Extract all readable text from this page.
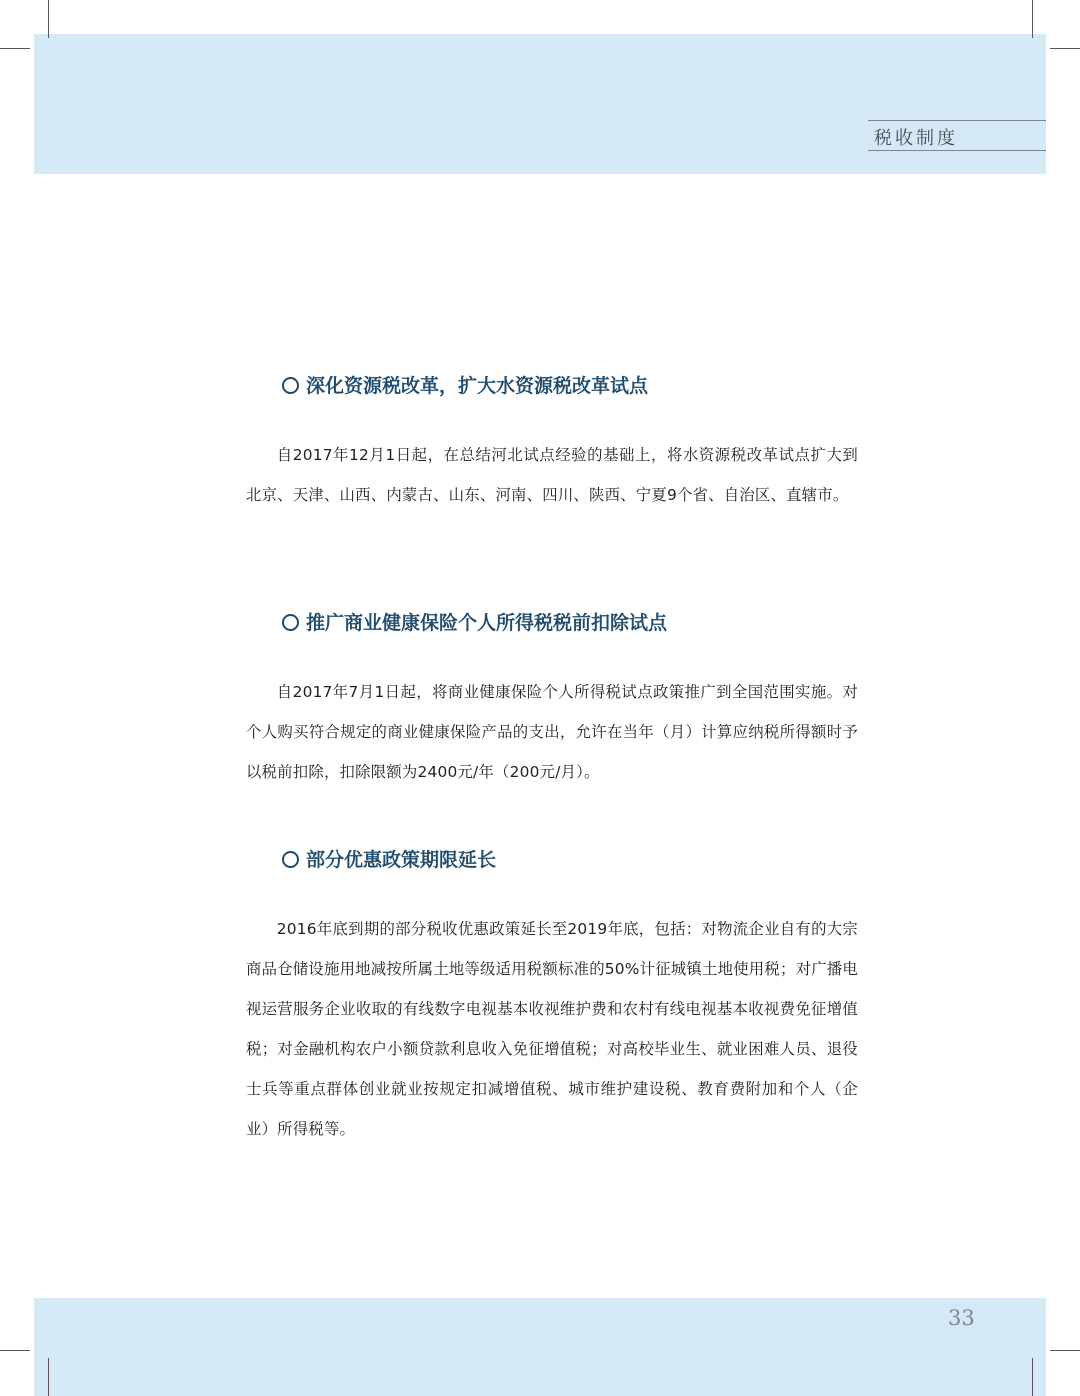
税收制度
深化资源税改革，扩大水资源税改革试点

自2017年12月1日起，在总结河北试点经验的基础上，将水资源税改革试点扩大到北京、天津、山西、内蒙古、山东、河南、四川、陕西、宁夏9个省、自治区、直辖市。

推广商业健康保险个人所得税税前扣除试点

自2017年7月1日起，将商业健康保险个人所得税试点政策推广到全国范围实施。对个人购买符合规定的商业健康保险产品的支出，允许在当年（月）计算应纳税所得额时予以税前扣除，扣除限额为2400元/年（200元/月）。

部分优惠政策期限延长

2016年底到期的部分税收优惠政策延长至2019年底，包括：对物流企业自有的大宗商品仓储设施用地减按所属土地等级适用税额标准的50%计征城镇土地使用税；对广播电视运营服务企业收取的有线数字电视基本收视维护费和农村有线电视基本收视费免征增值税；对金融机构农户小额贷款利息收入免征增值税；对高校毕业生、就业困难人员、退役士兵等重点群体创业就业按规定扣减增值税、城市维护建设税、教育费附加和个人（企业）所得税等。

33
